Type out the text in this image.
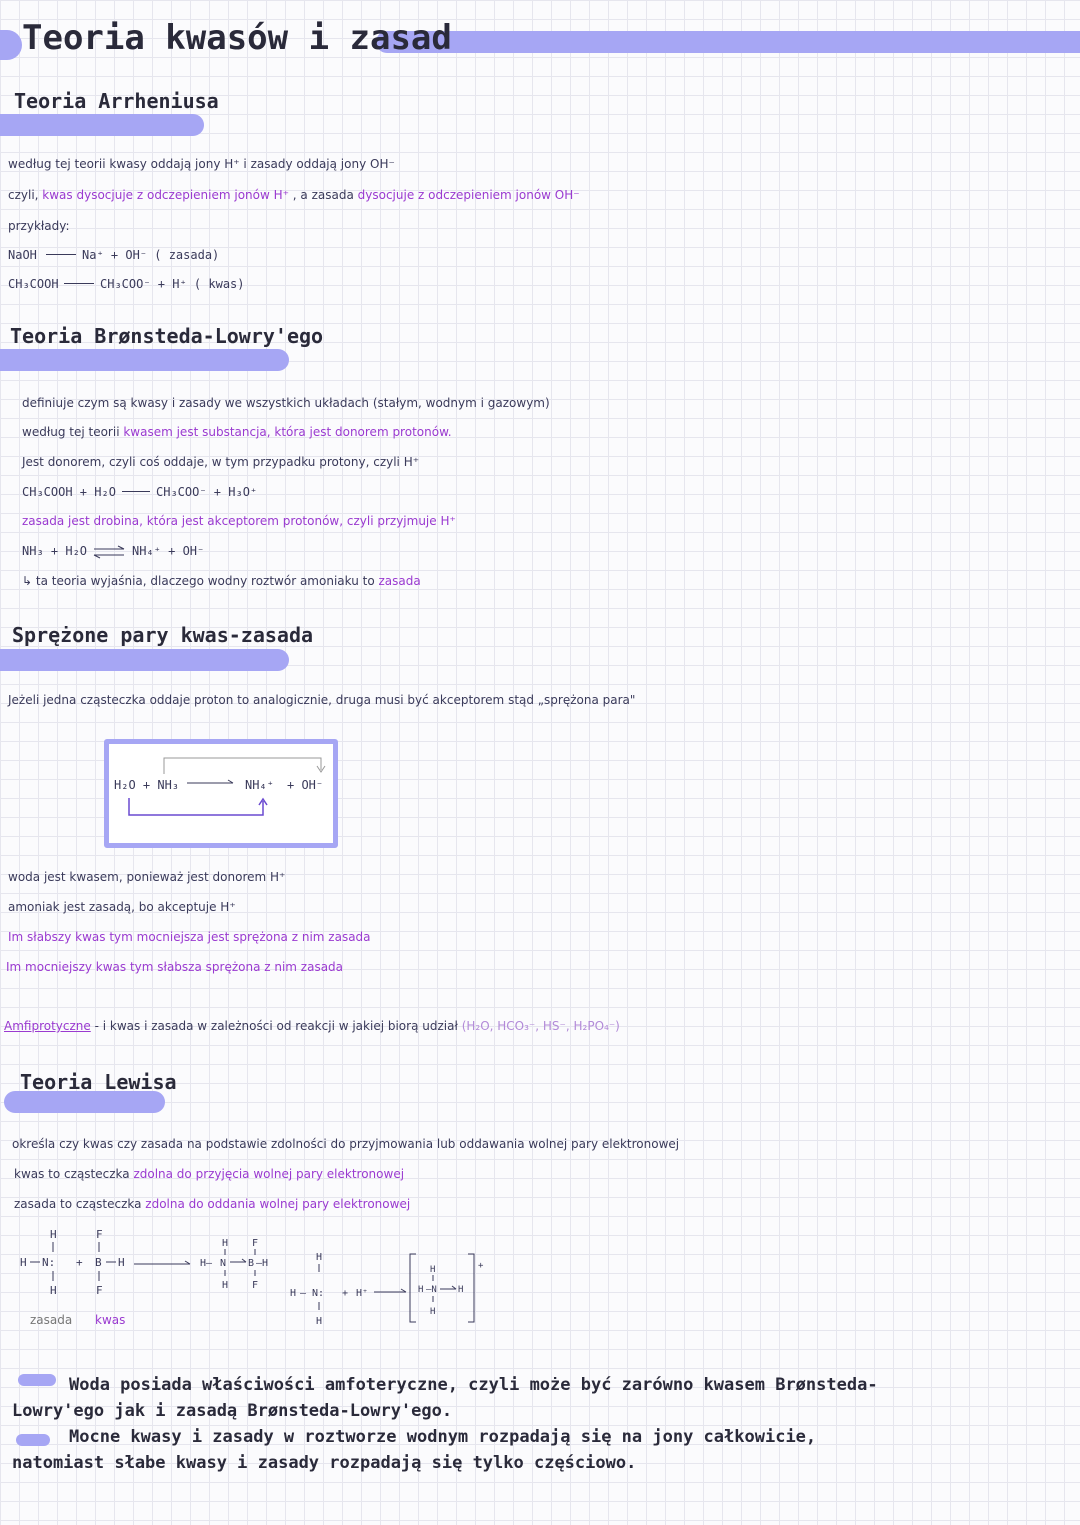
Teoria kwasów i zasad
Teoria Arrheniusa
według tej teorii kwasy oddają jony H⁺ i zasady oddają jony OH⁻
czyli, kwas dysocjuje z odczepieniem jonów H⁺ , a zasada dysocjuje z odczepieniem jonów OH⁻
przykłady:
NaOH	Na⁺ + OH⁻ ( zasada)
CH₃COOH	CH₃COO⁻ + H⁺ ( kwas)
Teoria Brønsteda-Lowry'ego
definiuje czym są kwasy i zasady we wszystkich układach (stałym, wodnym i gazowym)
według tej teorii kwasem jest substancja, która jest donorem protonów.
Jest donorem, czyli coś oddaje, w tym przypadku protony, czyli H⁺
CH₃COOH + H₂O	CH₃COO⁻ + H₃O⁺
zasada jest drobina, która jest akceptorem protonów, czyli przyjmuje H⁺
NH₃ + H₂O ⇌ NH₄⁺ + OH⁻
↳ ta teoria wyjaśnia, dlaczego wodny roztwór amoniaku to zasada
Sprężone pary kwas-zasada
Jeżeli jedna cząsteczka oddaje proton to analogicznie, druga musi być akceptorem stąd „sprężona para"
H₂O + NH₃	NH₄⁺ + OH⁻
woda jest kwasem, ponieważ jest donorem H⁺
amoniak jest zasadą, bo akceptuje H⁺
Im słabszy kwas tym mocniejsza jest sprężona z nim zasada
Im mocniejszy kwas tym słabsza sprężona z nim zasada
Amfiprotyczne - i kwas i zasada w zależności od reakcji w jakiej biorą udział (H₂O, HCO₃⁻, HS⁻, H₂PO₄⁻)
Teoria Lewisa
określa czy kwas czy zasada na podstawie zdolności do przyjmowania lub oddawania wolnej pary elektronowej
kwas to cząsteczka zdolna do przyjęcia wolnej pary elektronowej
zasada to cząsteczka zdolna do oddania wolnej pary elektronowej
H
H N:
H
+
F
B H
F
H F
H– N B –H
H F
H
H – N: + H⁺
H
+
H
H –N H
H
zasada kwas
Woda posiada właściwości amfoteryczne, czyli może być zarówno kwasem Brønsteda-Lowry'ego jak i zasadą Brønsteda-Lowry'ego.
Mocne kwasy i zasady w roztworze wodnym rozpadają się na jony całkowicie, natomiast słabe kwasy i zasady rozpadają się tylko częściowo.
